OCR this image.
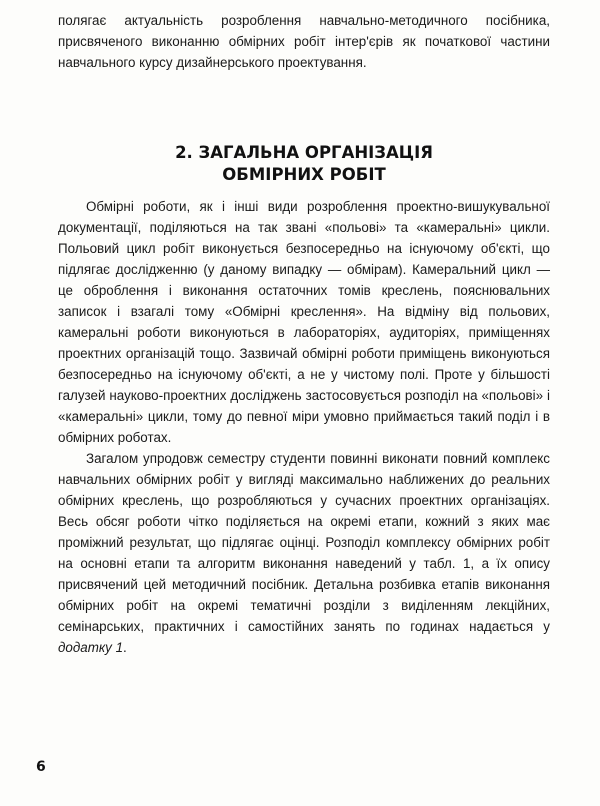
полягає актуальність розроблення навчально-методичного посібника, присвяченого виконанню обмірних робіт інтер'єрів як початкової частини навчального курсу дизайнерського проектування.

2. ЗАГАЛЬНА ОРГАНІЗАЦІЯ
ОБМІРНИХ РОБІТ

Обмірні роботи, як і інші види розроблення проектно-вишукувальної документації, поділяються на так звані «польові» та «камеральні» цикли. Польовий цикл робіт виконується безпосередньо на існуючому об'єкті, що підлягає дослідженню (у даному випадку — обмірам). Камеральний цикл — це оброблення і виконання остаточних томів креслень, пояснювальних записок і взагалі тому «Обмірні креслення». На відміну від польових, камеральні роботи виконуються в лабораторіях, аудиторіях, приміщеннях проектних організацій тощо. Зазвичай обмірні роботи приміщень виконуються безпосередньо на існуючому об'єкті, а не у чистому полі. Проте у більшості галузей науково-проектних досліджень застосовується розподіл на «польові» і «камеральні» цикли, тому до певної міри умовно приймається такий поділ і в обмірних роботах.

Загалом упродовж семестру студенти повинні виконати повний комплекс навчальних обмірних робіт у вигляді максимально наближених до реальних обмірних креслень, що розробляються у сучасних проектних організаціях. Весь обсяг роботи чітко поділяється на окремі етапи, кожний з яких має проміжний результат, що підлягає оцінці. Розподіл комплексу обмірних робіт на основні етапи та алгоритм виконання наведений у табл. 1, а їх опису присвячений цей методичний посібник. Детальна розбивка етапів виконання обмірних робіт на окремі тематичні розділи з виділенням лекційних, семінарських, практичних і самостійних занять по годинах надається у додатку 1.

6
